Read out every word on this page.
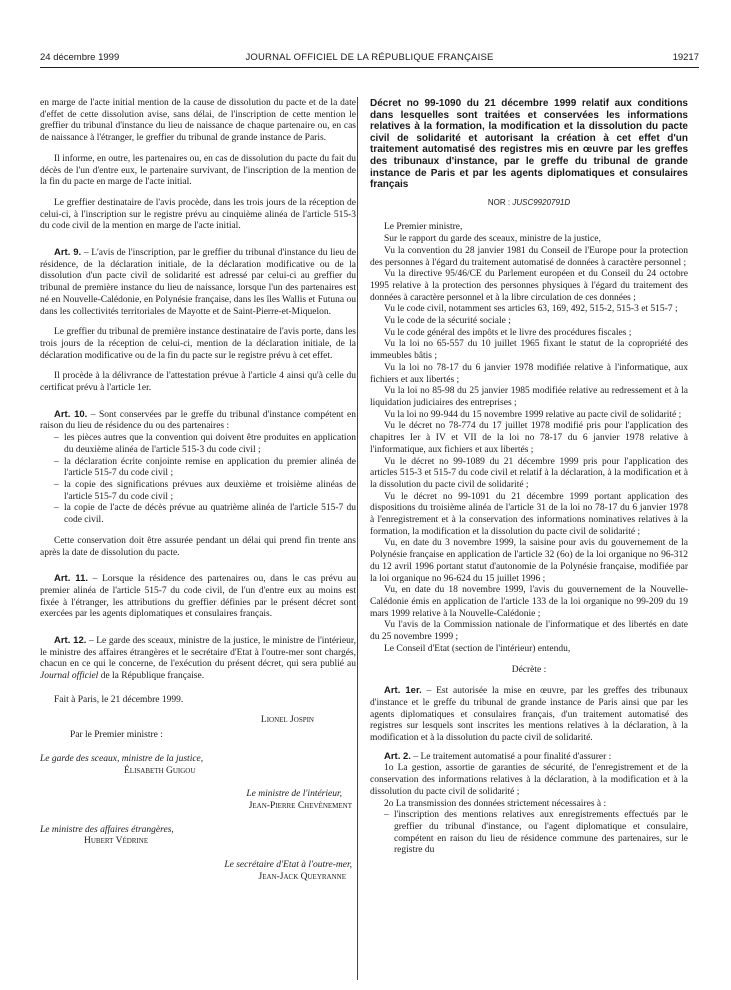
24 décembre 1999	JOURNAL OFFICIEL DE LA RÉPUBLIQUE FRANÇAISE	19217

en marge de l'acte initial mention de la cause de dissolution du pacte et de la date d'effet de cette dissolution avise, sans délai, de l'inscription de cette mention le greffier du tribunal d'instance du lieu de naissance de chaque partenaire ou, en cas de naissance à l'étranger, le greffier du tribunal de grande instance de Paris.

Il informe, en outre, les partenaires ou, en cas de dissolution du pacte du fait du décès de l'un d'entre eux, le partenaire survivant, de l'inscription de la mention de la fin du pacte en marge de l'acte initial.

Le greffier destinataire de l'avis procède, dans les trois jours de la réception de celui-ci, à l'inscription sur le registre prévu au cinquième alinéa de l'article 515-3 du code civil de la mention en marge de l'acte initial.

Art. 9. – L'avis de l'inscription, par le greffier du tribunal d'instance du lieu de résidence, de la déclaration initiale, de la déclaration modificative ou de la dissolution d'un pacte civil de solidarité est adressé par celui-ci au greffier du tribunal de première instance du lieu de naissance, lorsque l'un des partenaires est né en Nouvelle-Calédonie, en Polynésie française, dans les îles Wallis et Futuna ou dans les collectivités territoriales de Mayotte et de Saint-Pierre-et-Miquelon.

Le greffier du tribunal de première instance destinataire de l'avis porte, dans les trois jours de la réception de celui-ci, mention de la déclaration initiale, de la déclaration modificative ou de la fin du pacte sur le registre prévu à cet effet.

Il procède à la délivrance de l'attestation prévue à l'article 4 ainsi qu'à celle du certificat prévu à l'article 1er.

Art. 10. – Sont conservées par le greffe du tribunal d'instance compétent en raison du lieu de résidence du ou des partenaires :

– les pièces autres que la convention qui doivent être produites en application du deuxième alinéa de l'article 515-3 du code civil ;
– la déclaration écrite conjointe remise en application du premier alinéa de l'article 515-7 du code civil ;
– la copie des significations prévues aux deuxième et troisième alinéas de l'article 515-7 du code civil ;
– la copie de l'acte de décès prévue au quatrième alinéa de l'article 515-7 du code civil.

Cette conservation doit être assurée pendant un délai qui prend fin trente ans après la date de dissolution du pacte.

Art. 11. – Lorsque la résidence des partenaires ou, dans le cas prévu au premier alinéa de l'article 515-7 du code civil, de l'un d'entre eux au moins est fixée à l'étranger, les attributions du greffier définies par le présent décret sont exercées par les agents diplomatiques et consulaires français.

Art. 12. – Le garde des sceaux, ministre de la justice, le ministre de l'intérieur, le ministre des affaires étrangères et le secrétaire d'Etat à l'outre-mer sont chargés, chacun en ce qui le concerne, de l'exécution du présent décret, qui sera publié au Journal officiel de la République française.

Fait à Paris, le 21 décembre 1999.

Lionel Jospin

Par le Premier ministre :

Le garde des sceaux, ministre de la justice,

Élisabeth Guigou

Le ministre de l'intérieur,

Jean-Pierre Chevènement

Le ministre des affaires étrangères,

Hubert Védrine

Le secrétaire d'Etat à l'outre-mer,

Jean-Jack Queyranne

Décret no 99-1090 du 21 décembre 1999 relatif aux conditions dans lesquelles sont traitées et conservées les informations relatives à la formation, la modification et la dissolution du pacte civil de solidarité et autorisant la création à cet effet d'un traitement automatisé des registres mis en œuvre par les greffes des tribunaux d'instance, par le greffe du tribunal de grande instance de Paris et par les agents diplomatiques et consulaires français

NOR : JUSC9920791D

Le Premier ministre,

Sur le rapport du garde des sceaux, ministre de la justice,

Vu la convention du 28 janvier 1981 du Conseil de l'Europe pour la protection des personnes à l'égard du traitement automatisé de données à caractère personnel ;

Vu la directive 95/46/CE du Parlement européen et du Conseil du 24 octobre 1995 relative à la protection des personnes physiques à l'égard du traitement des données à caractère personnel et à la libre circulation de ces données ;

Vu le code civil, notamment ses articles 63, 169, 492, 515-2, 515-3 et 515-7 ;

Vu le code de la sécurité sociale ;

Vu le code général des impôts et le livre des procédures fiscales ;

Vu la loi no 65-557 du 10 juillet 1965 fixant le statut de la copropriété des immeubles bâtis ;

Vu la loi no 78-17 du 6 janvier 1978 modifiée relative à l'informatique, aux fichiers et aux libertés ;

Vu la loi no 85-98 du 25 janvier 1985 modifiée relative au redressement et à la liquidation judiciaires des entreprises ;

Vu la loi no 99-944 du 15 novembre 1999 relative au pacte civil de solidarité ;

Vu le décret no 78-774 du 17 juillet 1978 modifié pris pour l'application des chapitres Ier à IV et VII de la loi no 78-17 du 6 janvier 1978 relative à l'informatique, aux fichiers et aux libertés ;

Vu le décret no 99-1089 du 21 décembre 1999 pris pour l'application des articles 515-3 et 515-7 du code civil et relatif à la déclaration, à la modification et à la dissolution du pacte civil de solidarité ;

Vu le décret no 99-1091 du 21 décembre 1999 portant application des dispositions du troisième alinéa de l'article 31 de la loi no 78-17 du 6 janvier 1978 à l'enregistrement et à la conservation des informations nominatives relatives à la formation, la modification et la dissolution du pacte civil de solidarité ;

Vu, en date du 3 novembre 1999, la saisine pour avis du gouvernement de la Polynésie française en application de l'article 32 (6o) de la loi organique no 96-312 du 12 avril 1996 portant statut d'autonomie de la Polynésie française, modifiée par la loi organique no 96-624 du 15 juillet 1996 ;

Vu, en date du 18 novembre 1999, l'avis du gouvernement de la Nouvelle-Calédonie émis en application de l'article 133 de la loi organique no 99-209 du 19 mars 1999 relative à la Nouvelle-Calédonie ;

Vu l'avis de la Commission nationale de l'informatique et des libertés en date du 25 novembre 1999 ;

Le Conseil d'Etat (section de l'intérieur) entendu,

Décrète :

Art. 1er. – Est autorisée la mise en œuvre, par les greffes des tribunaux d'instance et le greffe du tribunal de grande instance de Paris ainsi que par les agents diplomatiques et consulaires français, d'un traitement automatisé des registres sur lesquels sont inscrites les mentions relatives à la déclaration, à la modification et à la dissolution du pacte civil de solidarité.

Art. 2. – Le traitement automatisé a pour finalité d'assurer :

1o La gestion, assortie de garanties de sécurité, de l'enregistrement et de la conservation des informations relatives à la déclaration, à la modification et à la dissolution du pacte civil de solidarité ;

2o La transmission des données strictement nécessaires à :

– l'inscription des mentions relatives aux enregistrements effectués par le greffier du tribunal d'instance, ou l'agent diplomatique et consulaire, compétent en raison du lieu de résidence commune des partenaires, sur le registre du
